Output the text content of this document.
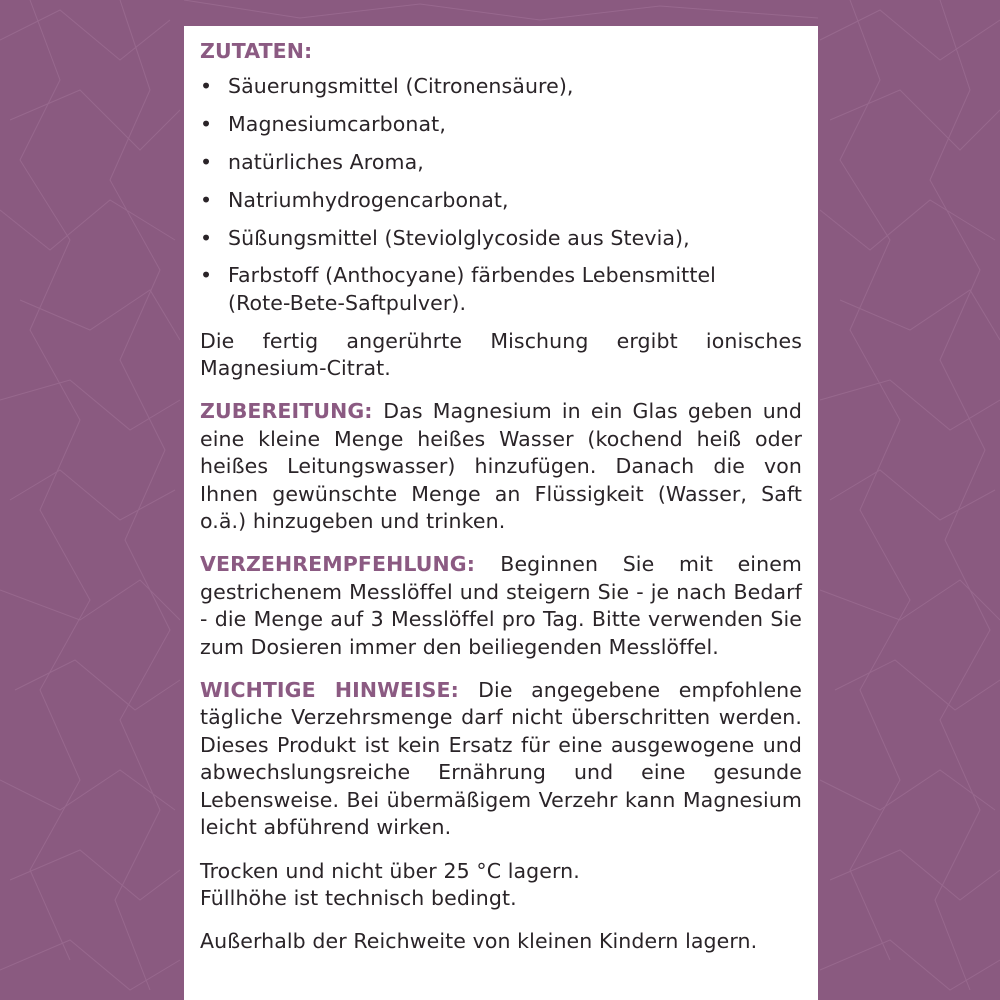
ZUTATEN:
• Säuerungsmittel (Citronensäure),
• Magnesiumcarbonat,
• natürliches Aroma,
• Natriumhydrogencarbonat,
• Süßungsmittel (Steviolglycoside aus Stevia),
• Farbstoff (Anthocyane) färbendes Lebensmittel
(Rote-Bete-Saftpulver).

Die fertig angerührte Mischung ergibt ionisches Magnesium-Citrat.

ZUBEREITUNG: Das Magnesium in ein Glas geben und eine kleine Menge heißes Wasser (kochend heiß oder heißes Leitungswasser) hinzufügen. Danach die von Ihnen gewünschte Menge an Flüssigkeit (Wasser, Saft o.ä.) hinzugeben und trinken.

VERZEHREMPFEHLUNG: Beginnen Sie mit einem gestrichenem Messlöffel und steigern Sie - je nach Bedarf - die Menge auf 3 Messlöffel pro Tag. Bitte verwenden Sie zum Dosieren immer den beiliegenden Messlöffel.

WICHTIGE HINWEISE: Die angegebene empfohlene tägliche Verzehrsmenge darf nicht überschritten werden. Dieses Produkt ist kein Ersatz für eine ausgewogene und abwechslungsreiche Ernährung und eine gesunde Lebensweise. Bei übermäßigem Verzehr kann Magnesium leicht abführend wirken.

Trocken und nicht über 25 °C lagern.
Füllhöhe ist technisch bedingt.

Außerhalb der Reichweite von kleinen Kindern lagern.
